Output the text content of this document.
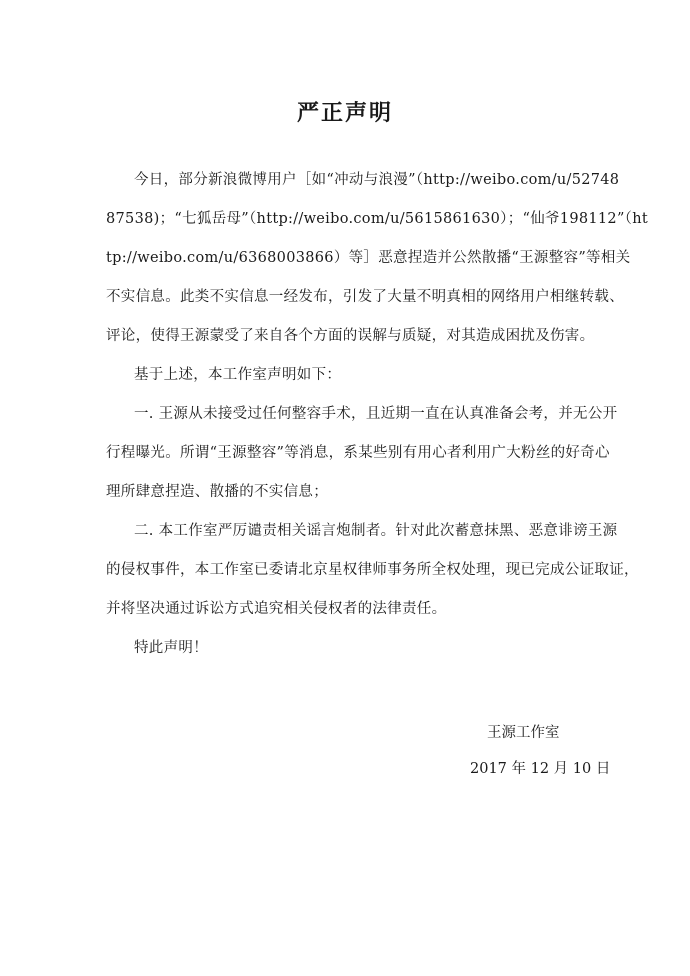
严正声明
今日，部分新浪微博用户［如“冲动与浪漫”（http://weibo.com/u/52748
87538)；“七狐岳母”（http://weibo.com/u/5615861630）；“仙爷198112”（ht
tp://weibo.com/u/6368003866）等］恶意捏造并公然散播“王源整容”等相关
不实信息。此类不实信息一经发布，引发了大量不明真相的网络用户相继转载、
评论，使得王源蒙受了来自各个方面的误解与质疑，对其造成困扰及伤害。
基于上述，本工作室声明如下：
一. 王源从未接受过任何整容手术，且近期一直在认真准备会考，并无公开
行程曝光。所谓“王源整容”等消息，系某些别有用心者利用广大粉丝的好奇心
理所肆意捏造、散播的不实信息；
二. 本工作室严厉谴责相关谣言炮制者。针对此次蓄意抹黑、恶意诽谤王源
的侵权事件，本工作室已委请北京星权律师事务所全权处理，现已完成公证取证，
并将坚决通过诉讼方式追究相关侵权者的法律责任。
特此声明！
王源工作室
2017 年 12 月 10 日
